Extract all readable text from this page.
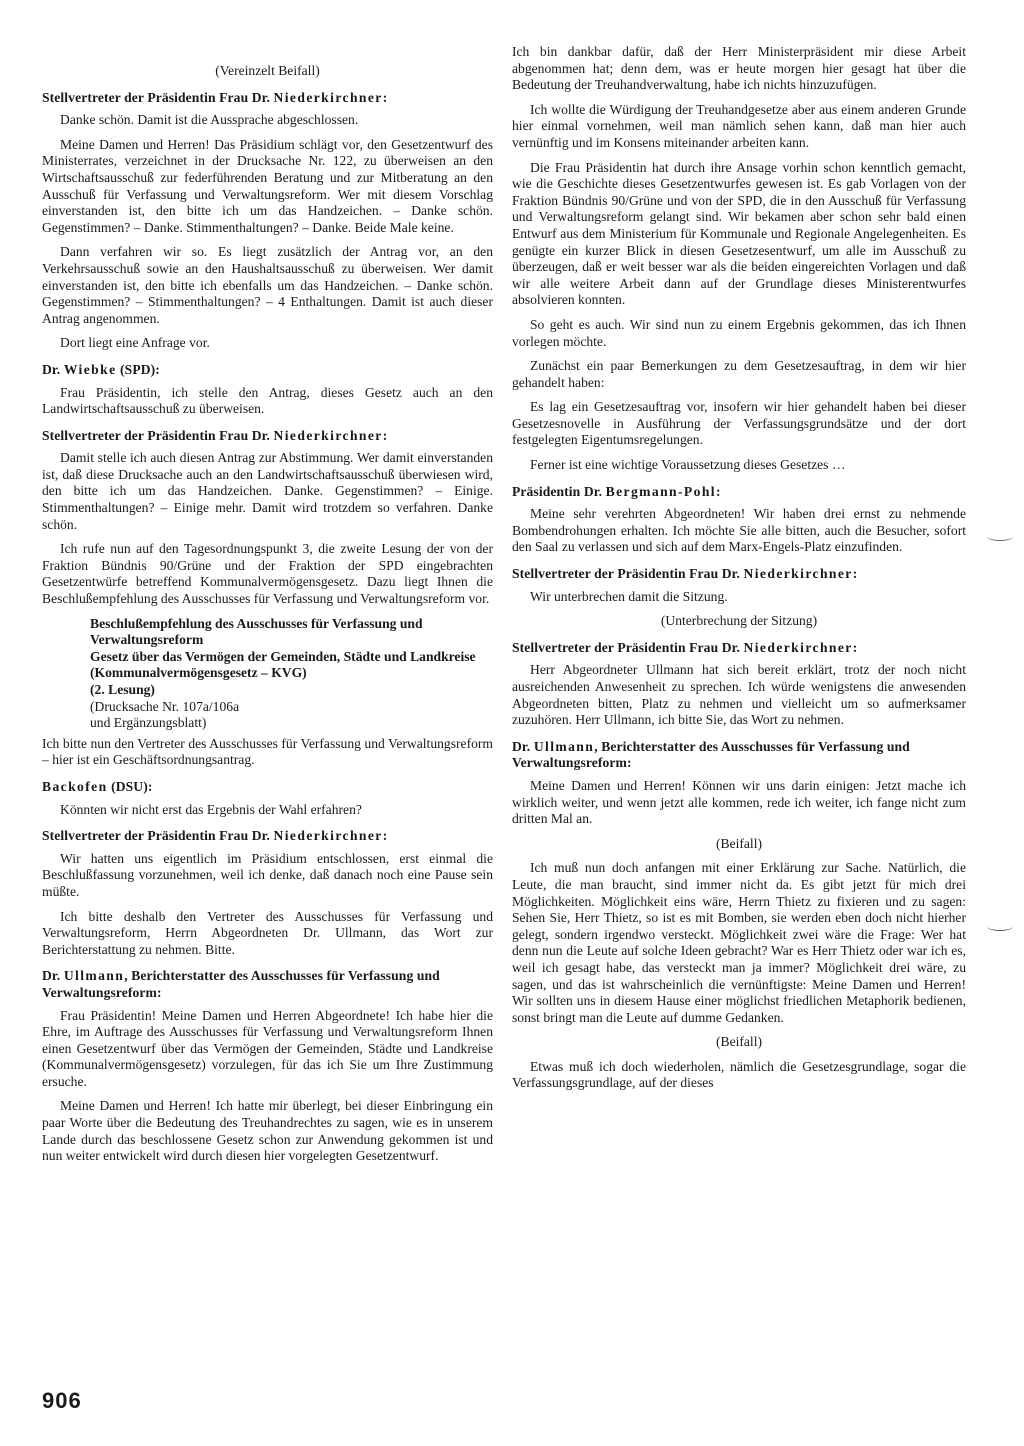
(Vereinzelt Beifall)

Stellvertreter der Präsidentin Frau Dr. Niederkirchner:

Danke schön. Damit ist die Aussprache abgeschlossen.

Meine Damen und Herren! Das Präsidium schlägt vor, den Gesetzentwurf des Ministerrates, verzeichnet in der Drucksache Nr. 122, zu überweisen an den Wirtschaftsausschuß zur federführenden Beratung und zur Mitberatung an den Ausschuß für Verfassung und Verwaltungsreform. Wer mit diesem Vorschlag einverstanden ist, den bitte ich um das Handzeichen. – Danke schön. Gegenstimmen? – Danke. Stimmenthaltungen? – Danke. Beide Male keine.

Dann verfahren wir so. Es liegt zusätzlich der Antrag vor, an den Verkehrsausschuß sowie an den Haushaltsausschuß zu überweisen. Wer damit einverstanden ist, den bitte ich ebenfalls um das Handzeichen. – Danke schön. Gegenstimmen? – Stimmenthaltungen? – 4 Enthaltungen. Damit ist auch dieser Antrag angenommen.

Dort liegt eine Anfrage vor.

Dr. Wiebke (SPD):

Frau Präsidentin, ich stelle den Antrag, dieses Gesetz auch an den Landwirtschaftsausschuß zu überweisen.

Stellvertreter der Präsidentin Frau Dr. Niederkirchner:

Damit stelle ich auch diesen Antrag zur Abstimmung. Wer damit einverstanden ist, daß diese Drucksache auch an den Landwirtschaftsausschuß überwiesen wird, den bitte ich um das Handzeichen. Danke. Gegenstimmen? – Einige. Stimmenthaltungen? – Einige mehr. Damit wird trotzdem so verfahren. Danke schön.

Ich rufe nun auf den Tagesordnungspunkt 3, die zweite Lesung der von der Fraktion Bündnis 90/Grüne und der Fraktion der SPD eingebrachten Gesetzentwürfe betreffend Kommunalvermögensgesetz. Dazu liegt Ihnen die Beschlußempfehlung des Ausschusses für Verfassung und Verwaltungsreform vor.

Beschlußempfehlung des Ausschusses für Verfassung und Verwaltungsreform
Gesetz über das Vermögen der Gemeinden, Städte und Landkreise
(Kommunalvermögensgesetz – KVG)
(2. Lesung)
(Drucksache Nr. 107a/106a
und Ergänzungsblatt)

Ich bitte nun den Vertreter des Ausschusses für Verfassung und Verwaltungsreform – hier ist ein Geschäftsordnungsantrag.

Backofen (DSU):

Könnten wir nicht erst das Ergebnis der Wahl erfahren?

Stellvertreter der Präsidentin Frau Dr. Niederkirchner:

Wir hatten uns eigentlich im Präsidium entschlossen, erst einmal die Beschlußfassung vorzunehmen, weil ich denke, daß danach noch eine Pause sein müßte.

Ich bitte deshalb den Vertreter des Ausschusses für Verfassung und Verwaltungsreform, Herrn Abgeordneten Dr. Ullmann, das Wort zur Berichterstattung zu nehmen. Bitte.

Dr. Ullmann, Berichterstatter des Ausschusses für Verfassung und Verwaltungsreform:

Frau Präsidentin! Meine Damen und Herren Abgeordnete! Ich habe hier die Ehre, im Auftrage des Ausschusses für Verfassung und Verwaltungsreform Ihnen einen Gesetzentwurf über das Vermögen der Gemeinden, Städte und Landkreise (Kommunalvermögensgesetz) vorzulegen, für das ich Sie um Ihre Zustimmung ersuche.

Meine Damen und Herren! Ich hatte mir überlegt, bei dieser Einbringung ein paar Worte über die Bedeutung des Treuhandrechtes zu sagen, wie es in unserem Lande durch das beschlossene Gesetz schon zur Anwendung gekommen ist und nun weiter entwickelt wird durch diesen hier vorgelegten Gesetzentwurf.

Ich bin dankbar dafür, daß der Herr Ministerpräsident mir diese Arbeit abgenommen hat; denn dem, was er heute morgen hier gesagt hat über die Bedeutung der Treuhandverwaltung, habe ich nichts hinzuzufügen.

Ich wollte die Würdigung der Treuhandgesetze aber aus einem anderen Grunde hier einmal vornehmen, weil man nämlich sehen kann, daß man hier auch vernünftig und im Konsens miteinander arbeiten kann.

Die Frau Präsidentin hat durch ihre Ansage vorhin schon kenntlich gemacht, wie die Geschichte dieses Gesetzentwurfes gewesen ist. Es gab Vorlagen von der Fraktion Bündnis 90/Grüne und von der SPD, die in den Ausschuß für Verfassung und Verwaltungsreform gelangt sind. Wir bekamen aber schon sehr bald einen Entwurf aus dem Ministerium für Kommunale und Regionale Angelegenheiten. Es genügte ein kurzer Blick in diesen Gesetzesentwurf, um alle im Ausschuß zu überzeugen, daß er weit besser war als die beiden eingereichten Vorlagen und daß wir alle weitere Arbeit dann auf der Grundlage dieses Ministerentwurfes absolvieren konnten.

So geht es auch. Wir sind nun zu einem Ergebnis gekommen, das ich Ihnen vorlegen möchte.

Zunächst ein paar Bemerkungen zu dem Gesetzesauftrag, in dem wir hier gehandelt haben:

Es lag ein Gesetzesauftrag vor, insofern wir hier gehandelt haben bei dieser Gesetzesnovelle in Ausführung der Verfassungsgrundsätze und der dort festgelegten Eigentumsregelungen.

Ferner ist eine wichtige Voraussetzung dieses Gesetzes …

Präsidentin Dr. Bergmann-Pohl:

Meine sehr verehrten Abgeordneten! Wir haben drei ernst zu nehmende Bombendrohungen erhalten. Ich möchte Sie alle bitten, auch die Besucher, sofort den Saal zu verlassen und sich auf dem Marx-Engels-Platz einzufinden.

Stellvertreter der Präsidentin Frau Dr. Niederkirchner:

Wir unterbrechen damit die Sitzung.

(Unterbrechung der Sitzung)

Stellvertreter der Präsidentin Frau Dr. Niederkirchner:

Herr Abgeordneter Ullmann hat sich bereit erklärt, trotz der noch nicht ausreichenden Anwesenheit zu sprechen. Ich würde wenigstens die anwesenden Abgeordneten bitten, Platz zu nehmen und vielleicht um so aufmerksamer zuzuhören. Herr Ullmann, ich bitte Sie, das Wort zu nehmen.

Dr. Ullmann, Berichterstatter des Ausschusses für Verfassung und Verwaltungsreform:

Meine Damen und Herren! Können wir uns darin einigen: Jetzt mache ich wirklich weiter, und wenn jetzt alle kommen, rede ich weiter, ich fange nicht zum dritten Mal an.

(Beifall)

Ich muß nun doch anfangen mit einer Erklärung zur Sache. Natürlich, die Leute, die man braucht, sind immer nicht da. Es gibt jetzt für mich drei Möglichkeiten. Möglichkeit eins wäre, Herrn Thietz zu fixieren und zu sagen: Sehen Sie, Herr Thietz, so ist es mit Bomben, sie werden eben doch nicht hierher gelegt, sondern irgendwo versteckt. Möglichkeit zwei wäre die Frage: Wer hat denn nun die Leute auf solche Ideen gebracht? War es Herr Thietz oder war ich es, weil ich gesagt habe, das versteckt man ja immer? Möglichkeit drei wäre, zu sagen, und das ist wahrscheinlich die vernünftigste: Meine Damen und Herren! Wir sollten uns in diesem Hause einer möglichst friedlichen Metaphorik bedienen, sonst bringt man die Leute auf dumme Gedanken.

(Beifall)

Etwas muß ich doch wiederholen, nämlich die Gesetzesgrundlage, sogar die Verfassungsgrundlage, auf der dieses

906
